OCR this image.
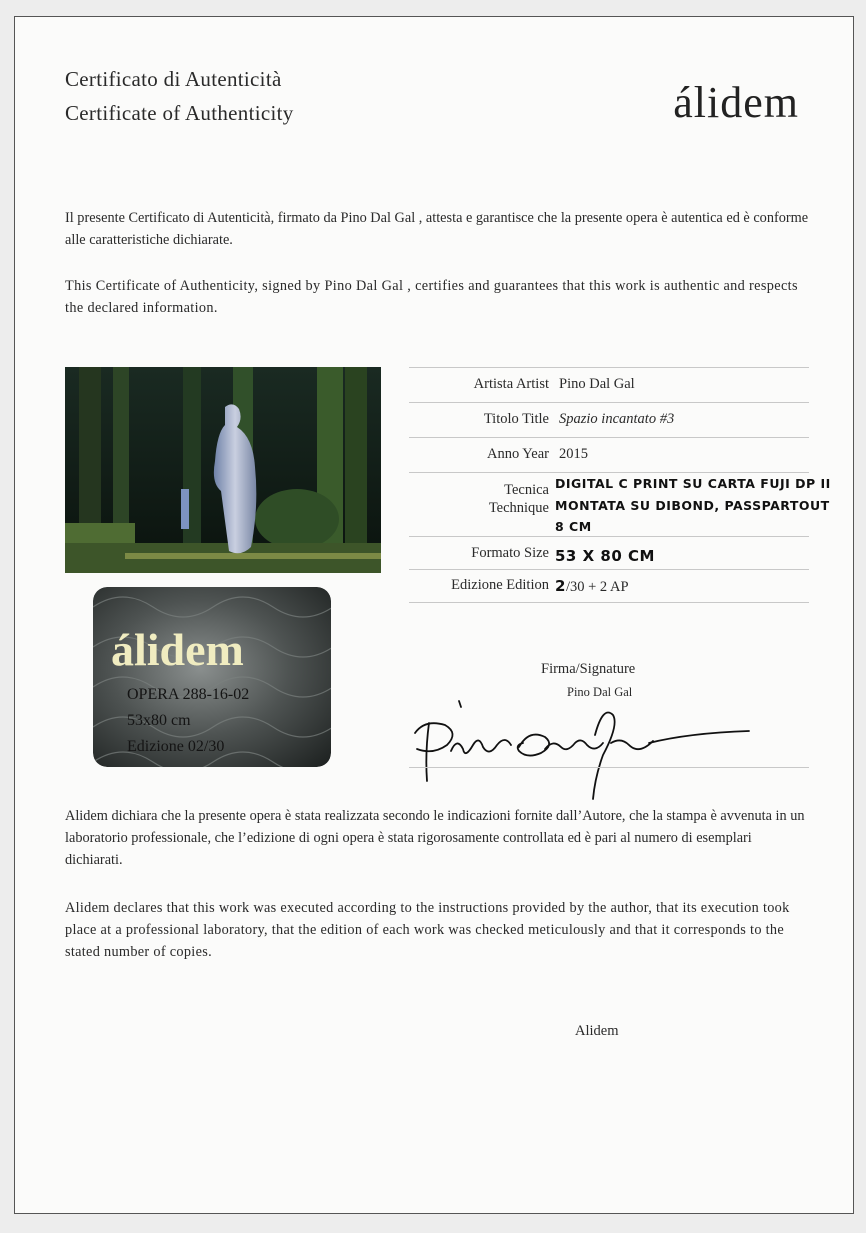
Certificato di Autenticità
Certificate of Authenticity	álidem

Il presente Certificato di Autenticità, firmato da Pino Dal Gal , attesta e garantisce che la presente opera è autentica ed è conforme alle caratteristiche dichiarate.

This Certificate of Authenticity, signed by Pino Dal Gal , certifies and guarantees that this work is authentic and respects the declared information.

álidem
OPERA 288-16-02
53x80 cm
Edizione 02/30
Artista Artist Pino Dal Gal
Titolo Title Spazio incantato #3
Anno Year 2015
Tecnica
Technique
DIGITAL C PRINT SU CARTA FUJI DP II
MONTATA SU DIBOND, PASSPARTOUT
8 CM
Formato Size 53 X 80 CM
Edizione Edition 2/30 + 2 AP
Firma/Signature
Pino Dal Gal

Alidem dichiara che la presente opera è stata realizzata secondo le indicazioni fornite dall’Autore, che la stampa è avvenuta in un laboratorio professionale, che l’edizione di ogni opera è stata rigorosamente controllata ed è pari al numero di esemplari dichiarati.

Alidem declares that this work was executed according to the instructions provided by the author, that its execution took place at a professional laboratory, that the edition of each work was checked meticulously and that it corresponds to the stated number of copies.

Alidem
